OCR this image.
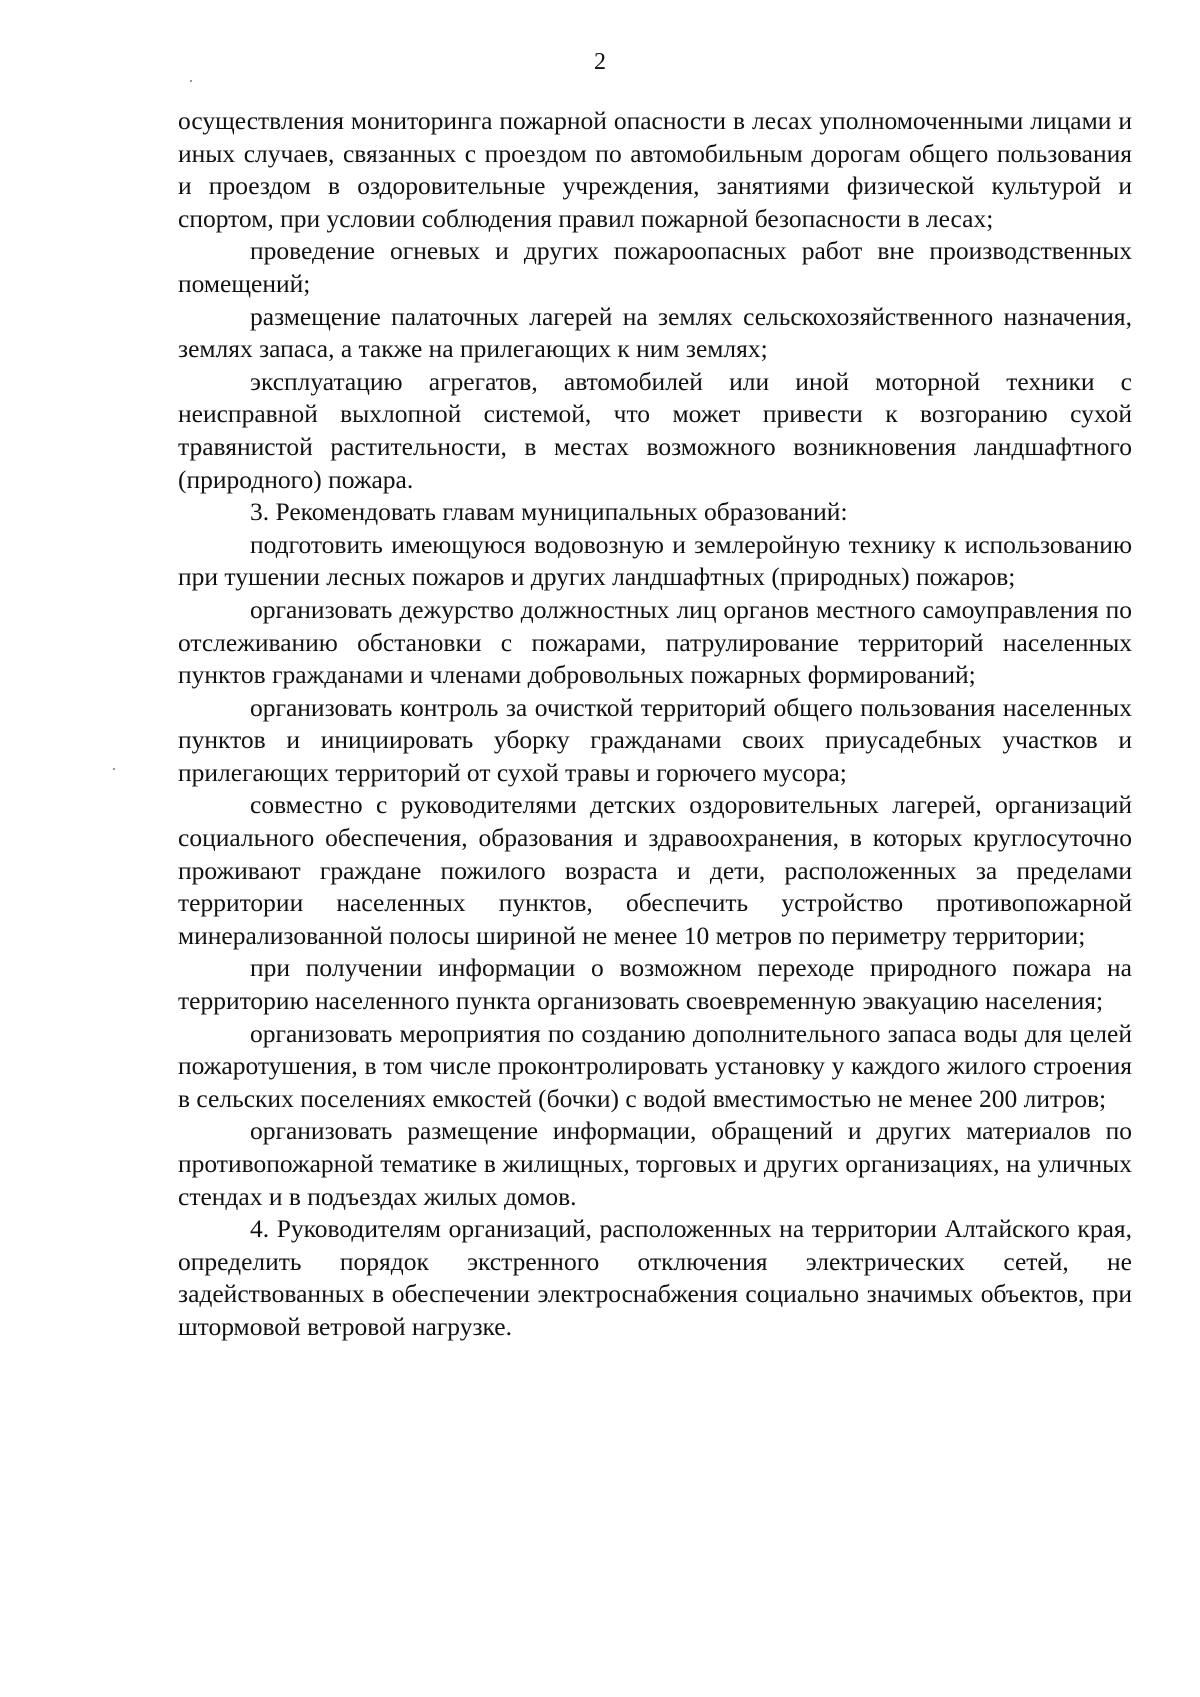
2

осуществления мониторинга пожарной опасности в лесах уполномоченными лицами и иных случаев, связанных с проездом по автомобильным дорогам общего пользования и проездом в оздоровительные учреждения, занятиями физической культурой и спортом, при условии соблюдения правил пожарной безопасности в лесах;

проведение огневых и других пожароопасных работ вне производственных помещений;

размещение палаточных лагерей на землях сельскохозяйственного назначения, землях запаса, а также на прилегающих к ним землях;

эксплуатацию агрегатов, автомобилей или иной моторной техники с неисправной выхлопной системой, что может привести к возгоранию сухой травянистой растительности, в местах возможного возникновения ландшафтного (природного) пожара.

3. Рекомендовать главам муниципальных образований:

подготовить имеющуюся водовозную и землеройную технику к использованию при тушении лесных пожаров и других ландшафтных (природных) пожаров;

организовать дежурство должностных лиц органов местного самоуправления по отслеживанию обстановки с пожарами, патрулирование территорий населенных пунктов гражданами и членами добровольных пожарных формирований;

организовать контроль за очисткой территорий общего пользования населенных пунктов и инициировать уборку гражданами своих приусадебных участков и прилегающих территорий от сухой травы и горючего мусора;

совместно с руководителями детских оздоровительных лагерей, организаций социального обеспечения, образования и здравоохранения, в которых круглосуточно проживают граждане пожилого возраста и дети, расположенных за пределами территории населенных пунктов, обеспечить устройство противопожарной минерализованной полосы шириной не менее 10 метров по периметру территории;

при получении информации о возможном переходе природного пожара на территорию населенного пункта организовать своевременную эвакуацию населения;

организовать мероприятия по созданию дополнительного запаса воды для целей пожаротушения, в том числе проконтролировать установку у каждого жилого строения в сельских поселениях емкостей (бочки) с водой вместимостью не менее 200 литров;

организовать размещение информации, обращений и других материалов по противопожарной тематике в жилищных, торговых и других организациях, на уличных стендах и в подъездах жилых домов.

4. Руководителям организаций, расположенных на территории Алтайского края, определить порядок экстренного отключения электрических сетей, не задействованных в обеспечении электроснабжения социально значимых объектов, при штормовой ветровой нагрузке.
